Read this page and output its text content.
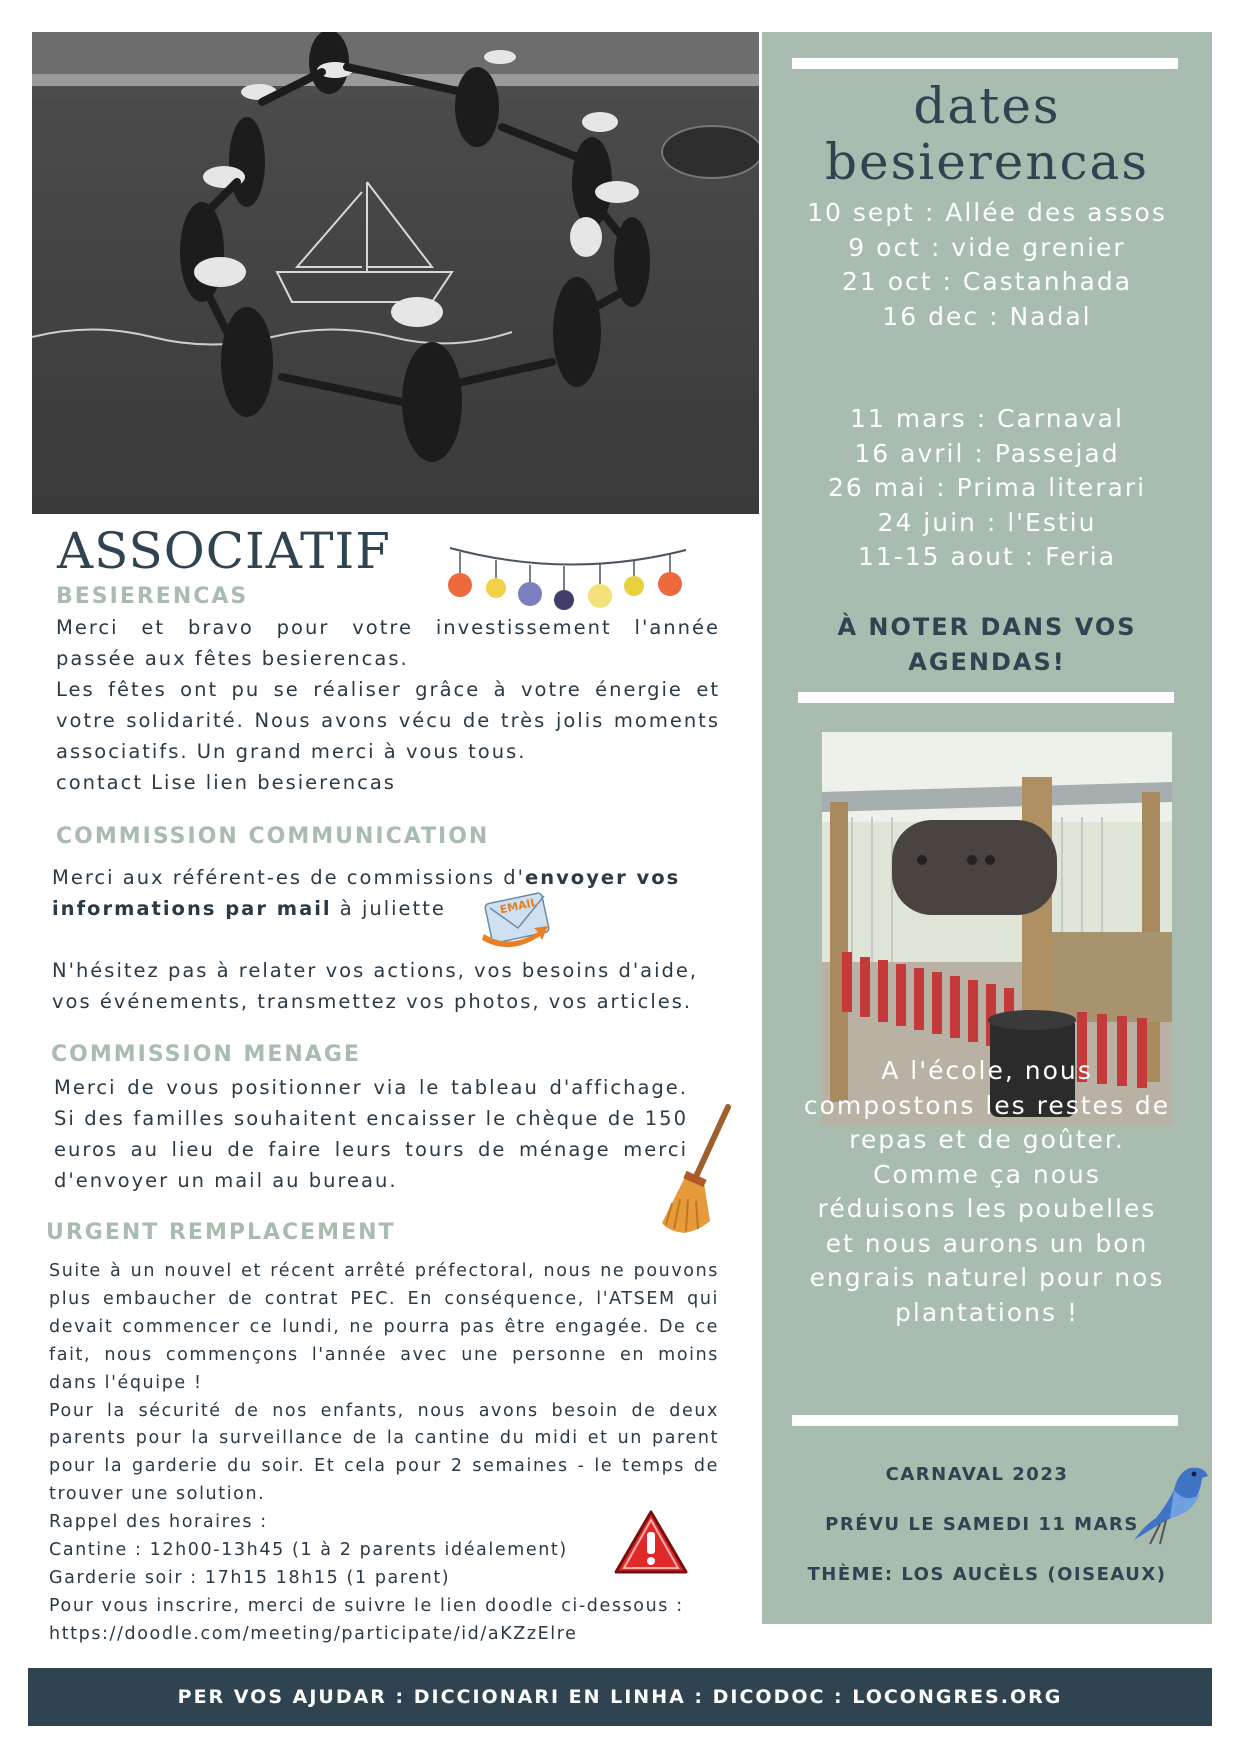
dates
besierencas
10 sept : Allée des assos
9 oct : vide grenier
21 oct : Castanhada
16 dec : Nadal
11 mars : Carnaval
16 avril : Passejad
26 mai : Prima literari
24 juin : l'Estiu
11-15 aout : Feria
À NOTER DANS VOS
AGENDAS!
A l'école, nous
compostons les restes de
repas et de goûter.
Comme ça nous
réduisons les poubelles
et nous aurons un bon
engrais naturel pour nos
plantations !
CARNAVAL 2023
PRÉVU LE SAMEDI 11 MARS
THÈME: LOS AUCÈLS (OISEAUX)
ASSOCIATIF
BESIERENCAS

Merci et bravo pour votre investissement l'année passée aux fêtes besierencas.

Les fêtes ont pu se réaliser grâce à votre énergie et votre solidarité. Nous avons vécu de très jolis moments associatifs. Un grand merci à vous tous.

contact Lise lien besierencas

COMMISSION COMMUNICATION

Merci aux référent-es de commissions d'envoyer vos informations par mail à juliette

N'hésitez pas à relater vos actions, vos besoins d'aide, vos événements, transmettez vos photos, vos articles.

EMAIL
COMMISSION MENAGE

Merci de vous positionner via le tableau d'affichage. Si des familles souhaitent encaisser le chèque de 150 euros au lieu de faire leurs tours de ménage merci d'envoyer un mail au bureau.

URGENT REMPLACEMENT

Suite à un nouvel et récent arrêté préfectoral, nous ne pouvons plus embaucher de contrat PEC. En conséquence, l'ATSEM qui devait commencer ce lundi, ne pourra pas être engagée. De ce fait, nous commençons l'année avec une personne en moins dans l'équipe !

Pour la sécurité de nos enfants, nous avons besoin de deux parents pour la surveillance de la cantine du midi et un parent pour la garderie du soir. Et cela pour 2 semaines - le temps de trouver une solution.

Rappel des horaires :

Cantine : 12h00-13h45 (1 à 2 parents idéalement)

Garderie soir : 17h15 18h15 (1 parent)

Pour vous inscrire, merci de suivre le lien doodle ci-dessous : https://doodle.com/meeting/participate/id/aKZzElre

PER VOS AJUDAR : DICCIONARI EN LINHA : DICODOC : LOCONGRES.ORG
